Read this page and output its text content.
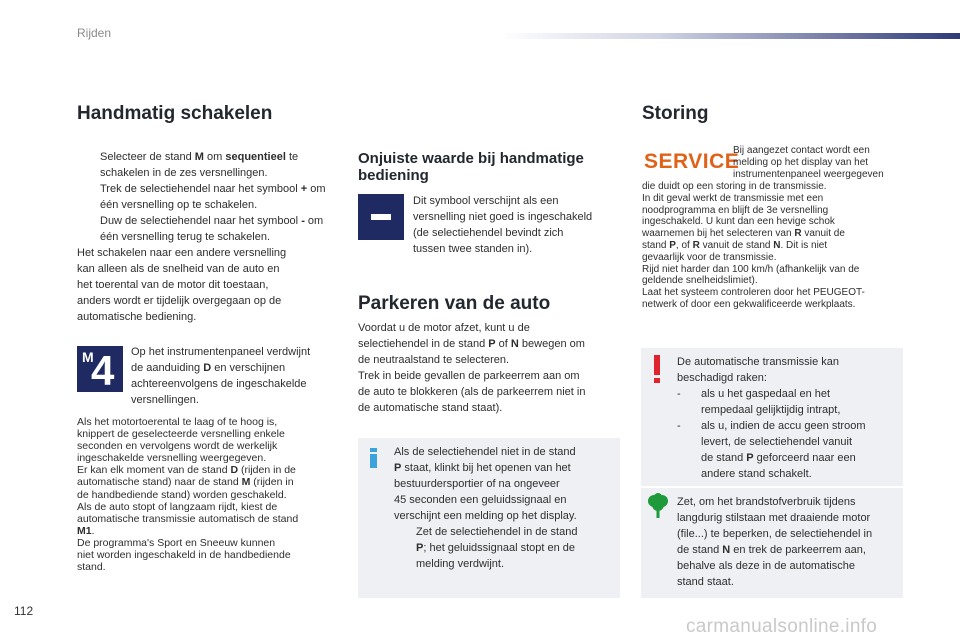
Rijden
Handmatig schakelen
Selecteer de stand M om sequentieel te schakelen in de zes versnellingen.
Trek de selectiehendel naar het symbool + om één versnelling op te schakelen.
Duw de selectiehendel naar het symbool - om één versnelling terug te schakelen.
Het schakelen naar een andere versnelling
kan alleen als de snelheid van de auto en
het toerental van de motor dit toestaan,
anders wordt er tijdelijk overgegaan op de
automatische bediening.
M
4 Op het instrumentenpaneel verdwijnt
de aanduiding D en verschijnen
achtereenvolgens de ingeschakelde
versnellingen.
Als het motortoerental te laag of te hoog is,
knippert de geselecteerde versnelling enkele
seconden en vervolgens wordt de werkelijk
ingeschakelde versnelling weergegeven.
Er kan elk moment van de stand D (rijden in de
automatische stand) naar de stand M (rijden in
de handbediende stand) worden geschakeld.
Als de auto stopt of langzaam rijdt, kiest de
automatische transmissie automatisch de stand
M1.
De programma's Sport en Sneeuw kunnen
niet worden ingeschakeld in de handbediende
stand.
Onjuiste waarde bij handmatige bediening
Dit symbool verschijnt als een
versnelling niet goed is ingeschakeld
(de selectiehendel bevindt zich
tussen twee standen in).
Parkeren van de auto
Voordat u de motor afzet, kunt u de
selectiehendel in de stand P of N bewegen om
de neutraalstand te selecteren.
Trek in beide gevallen de parkeerrem aan om
de auto te blokkeren (als de parkeerrem niet in
de automatische stand staat).
Als de selectiehendel niet in de stand
P staat, klinkt bij het openen van het
bestuurdersportier of na ongeveer
45 seconden een geluidssignaal en
verschijnt een melding op het display.
Zet de selectiehendel in de stand
P; het geluidssignaal stopt en de
melding verdwijnt.
Storing
SERVICE
Bij aangezet contact wordt een
melding op het display van het
instrumentenpaneel weergegeven
die duidt op een storing in de transmissie.
In dit geval werkt de transmissie met een
noodprogramma en blijft de 3e versnelling
ingeschakeld. U kunt dan een hevige schok
waarnemen bij het selecteren van R vanuit de
stand P, of R vanuit de stand N. Dit is niet
gevaarlijk voor de transmissie.
Rijd niet harder dan 100 km/h (afhankelijk van de
geldende snelheidslimiet).
Laat het systeem controleren door het PEUGEOT-
netwerk of door een gekwalificeerde werkplaats.
De automatische transmissie kan
beschadigd raken:
- als u het gaspedaal en het
rempedaal gelijktijdig intrapt,
- als u, indien de accu geen stroom
levert, de selectiehendel vanuit
de stand P geforceerd naar een
andere stand schakelt.
Zet, om het brandstofverbruik tijdens
langdurig stilstaan met draaiende motor
(file...) te beperken, de selectiehendel in
de stand N en trek de parkeerrem aan,
behalve als deze in de automatische
stand staat.
112
carmanualsonline.info
